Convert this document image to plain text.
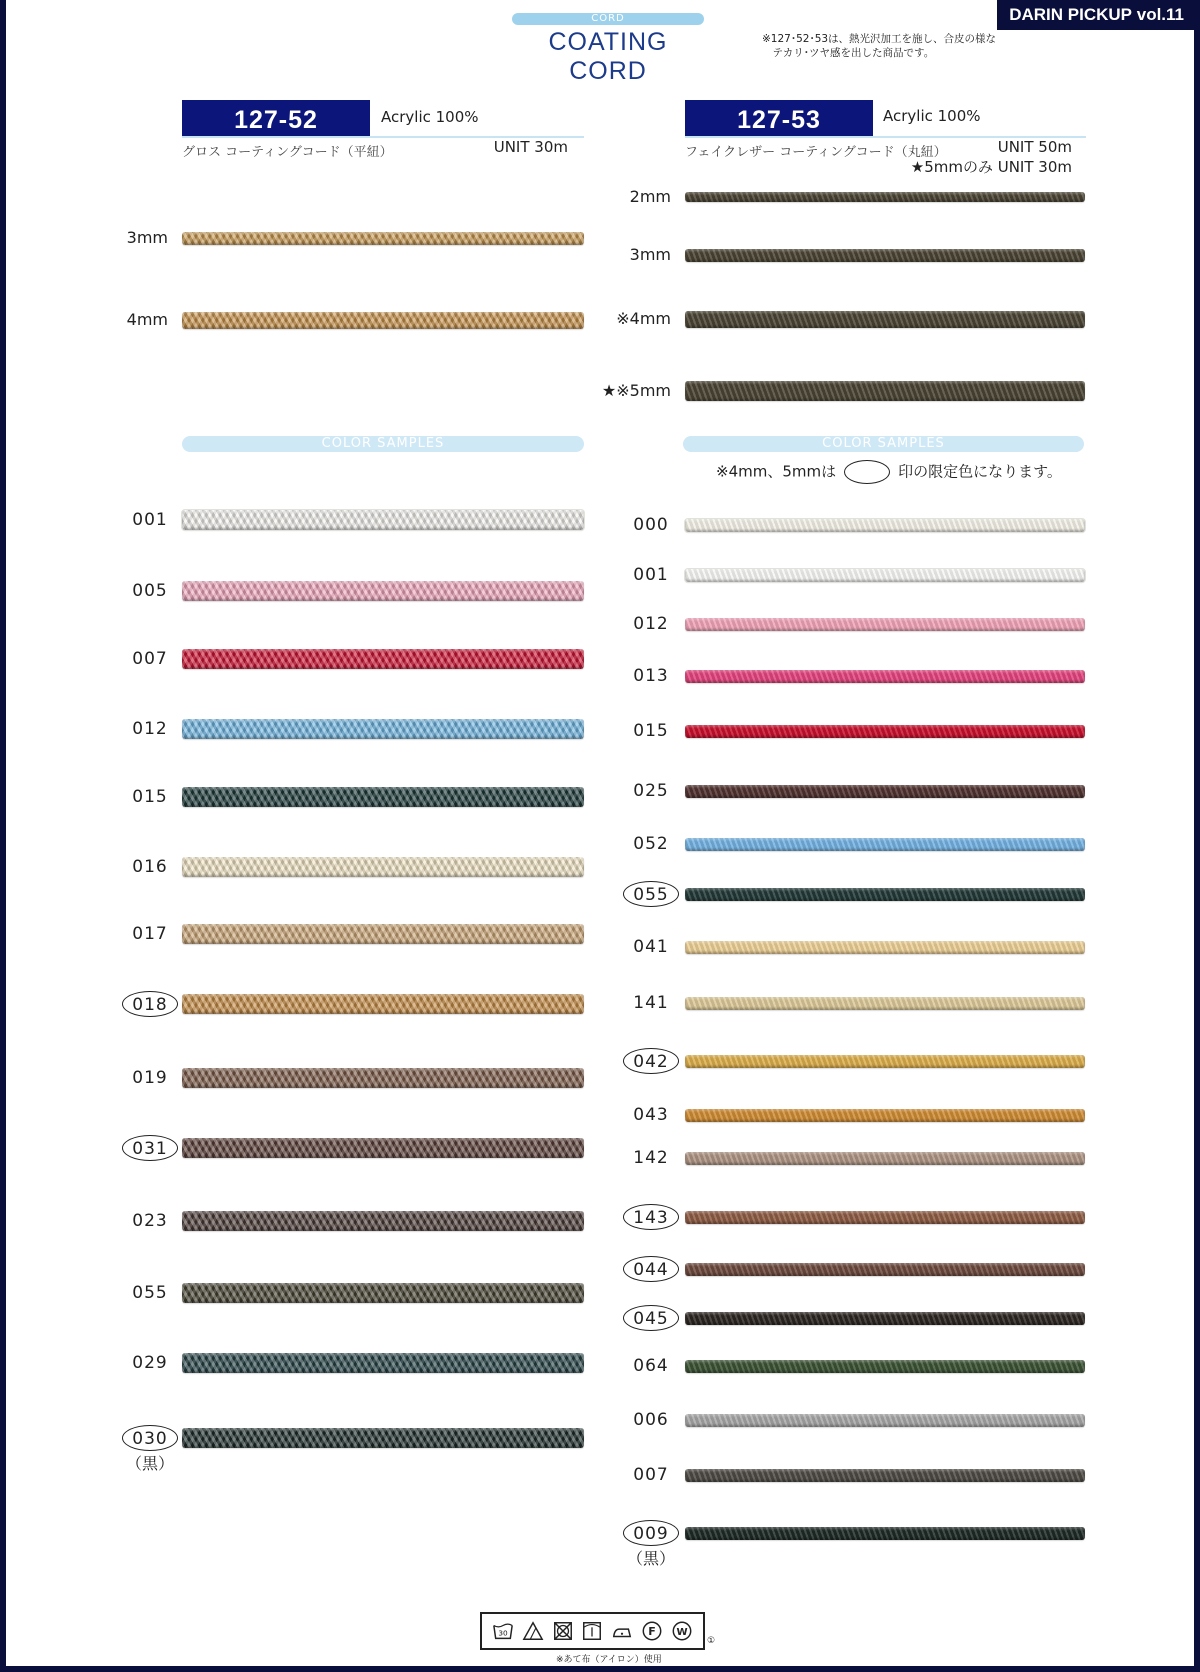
DARIN PICKUP vol.11
CORD
COATING CORD
※127･52･53は、熱光沢加工を施し、合皮の様な
　テカリ･ツヤ感を出した商品です。
127-52	Acrylic 100%
グロス コーティングコード（平紐）	UNIT 30m
3mm
4mm
COLOR SAMPLES
001
005
007
012
015
016
017
018
019
031
023
055
029
030
（黒）
127-53	Acrylic 100%
フェイクレザー コーティングコード（丸紐）	UNIT 50m
★5mmのみ UNIT 30m
2mm
3mm
※4mm
★※5mm
COLOR SAMPLES
※4mm、5mmは	印の限定色になります。
000
001
012
013
015
025
052
055
041
141
042
043
142
143
044
045
064
006
007
009
（黒）
30	F W
①
※あて布（アイロン）使用
